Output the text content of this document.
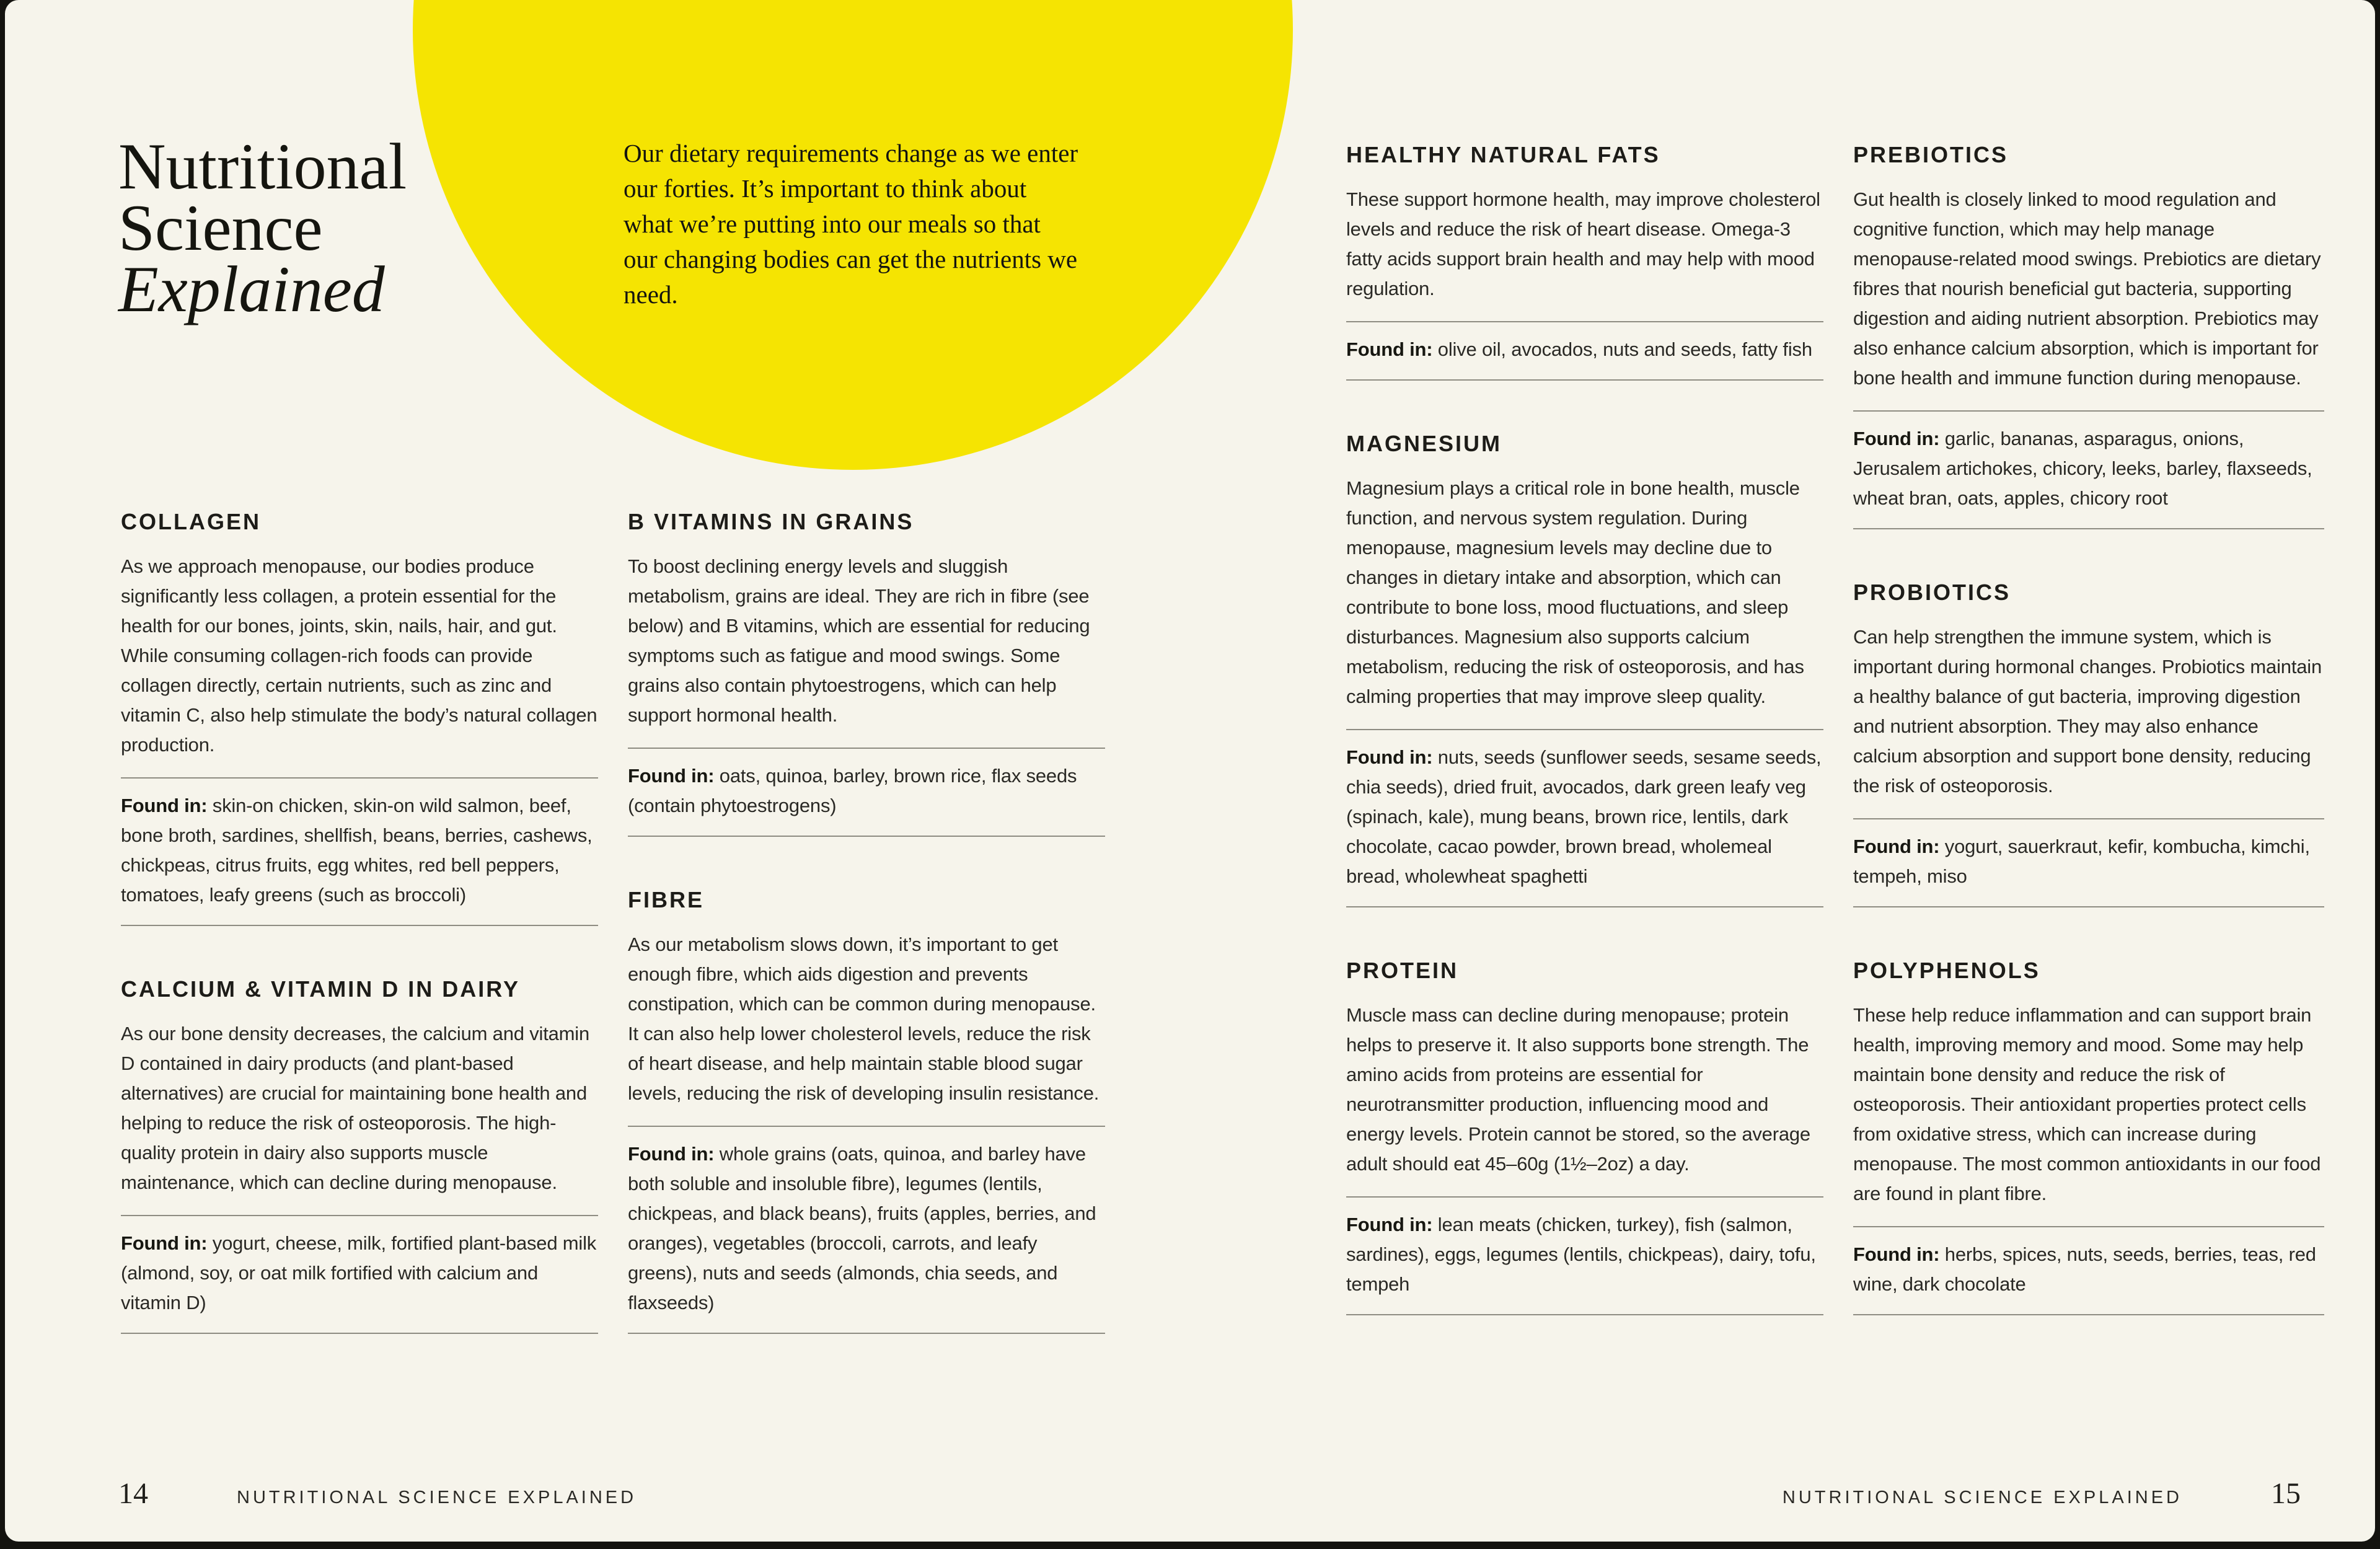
Nutritional
Science
Explained

Our dietary requirements change as we enter our forties. It’s important to think about what we’re putting into our meals so that our changing bodies can get the nutrients we need.

COLLAGEN

As we approach menopause, our bodies produce significantly less collagen, a protein essential for the health for our bones, joints, skin, nails, hair, and gut. While consuming collagen-rich foods can provide collagen directly, certain nutrients, such as zinc and vitamin C, also help stimulate the body’s natural collagen production.

Found in: skin-on chicken, skin-on wild salmon, beef, bone broth, sardines, shellfish, beans, berries, cashews, chickpeas, citrus fruits, egg whites, red bell peppers, tomatoes, leafy greens (such as broccoli)

CALCIUM & VITAMIN D IN DAIRY

As our bone density decreases, the calcium and vitamin D contained in dairy products (and plant-based alternatives) are crucial for maintaining bone health and helping to reduce the risk of osteoporosis. The high-quality protein in dairy also supports muscle maintenance, which can decline during menopause.

Found in: yogurt, cheese, milk, fortified plant-based milk (almond, soy, or oat milk fortified with calcium and vitamin D)

B VITAMINS IN GRAINS

To boost declining energy levels and sluggish metabolism, grains are ideal. They are rich in fibre (see below) and B vitamins, which are essential for reducing symptoms such as fatigue and mood swings. Some grains also contain phytoestrogens, which can help support hormonal health.

Found in: oats, quinoa, barley, brown rice, flax seeds (contain phytoestrogens)

FIBRE

As our metabolism slows down, it’s important to get enough fibre, which aids digestion and prevents constipation, which can be common during menopause. It can also help lower cholesterol levels, reduce the risk of heart disease, and help maintain stable blood sugar levels, reducing the risk of developing insulin resistance.

Found in: whole grains (oats, quinoa, and barley have both soluble and insoluble fibre), legumes (lentils, chickpeas, and black beans), fruits (apples, berries, and oranges), vegetables (broccoli, carrots, and leafy greens), nuts and seeds (almonds, chia seeds, and flaxseeds)

HEALTHY NATURAL FATS

These support hormone health, may improve cholesterol levels and reduce the risk of heart disease. Omega-3 fatty acids support brain health and may help with mood regulation.

Found in: olive oil, avocados, nuts and seeds, fatty fish

MAGNESIUM

Magnesium plays a critical role in bone health, muscle function, and nervous system regulation. During menopause, magnesium levels may decline due to changes in dietary intake and absorption, which can contribute to bone loss, mood fluctuations, and sleep disturbances. Magnesium also supports calcium metabolism, reducing the risk of osteoporosis, and has calming properties that may improve sleep quality.

Found in: nuts, seeds (sunflower seeds, sesame seeds, chia seeds), dried fruit, avocados, dark green leafy veg (spinach, kale), mung beans, brown rice, lentils, dark chocolate, cacao powder, brown bread, wholemeal bread, wholewheat spaghetti

PROTEIN

Muscle mass can decline during menopause; protein helps to preserve it. It also supports bone strength. The amino acids from proteins are essential for neurotransmitter production, influencing mood and energy levels. Protein cannot be stored, so the average adult should eat 45–60g (1½–2oz) a day.

Found in: lean meats (chicken, turkey), fish (salmon, sardines), eggs, legumes (lentils, chickpeas), dairy, tofu, tempeh

PREBIOTICS

Gut health is closely linked to mood regulation and cognitive function, which may help manage menopause-related mood swings. Prebiotics are dietary fibres that nourish beneficial gut bacteria, supporting digestion and aiding nutrient absorption. Prebiotics may also enhance calcium absorption, which is important for bone health and immune function during menopause.

Found in: garlic, bananas, asparagus, onions, Jerusalem artichokes, chicory, leeks, barley, flaxseeds, wheat bran, oats, apples, chicory root

PROBIOTICS

Can help strengthen the immune system, which is important during hormonal changes. Probiotics maintain a healthy balance of gut bacteria, improving digestion and nutrient absorption. They may also enhance calcium absorption and support bone density, reducing the risk of osteoporosis.

Found in: yogurt, sauerkraut, kefir, kombucha, kimchi, tempeh, miso

POLYPHENOLS

These help reduce inflammation and can support brain health, improving memory and mood. Some may help maintain bone density and reduce the risk of osteoporosis. Their antioxidant properties protect cells from oxidative stress, which can increase during menopause. The most common antioxidants in our food are found in plant fibre.

Found in: herbs, spices, nuts, seeds, berries, teas, red wine, dark chocolate

14	NUTRITIONAL SCIENCE EXPLAINED	NUTRITIONAL SCIENCE EXPLAINED	15
